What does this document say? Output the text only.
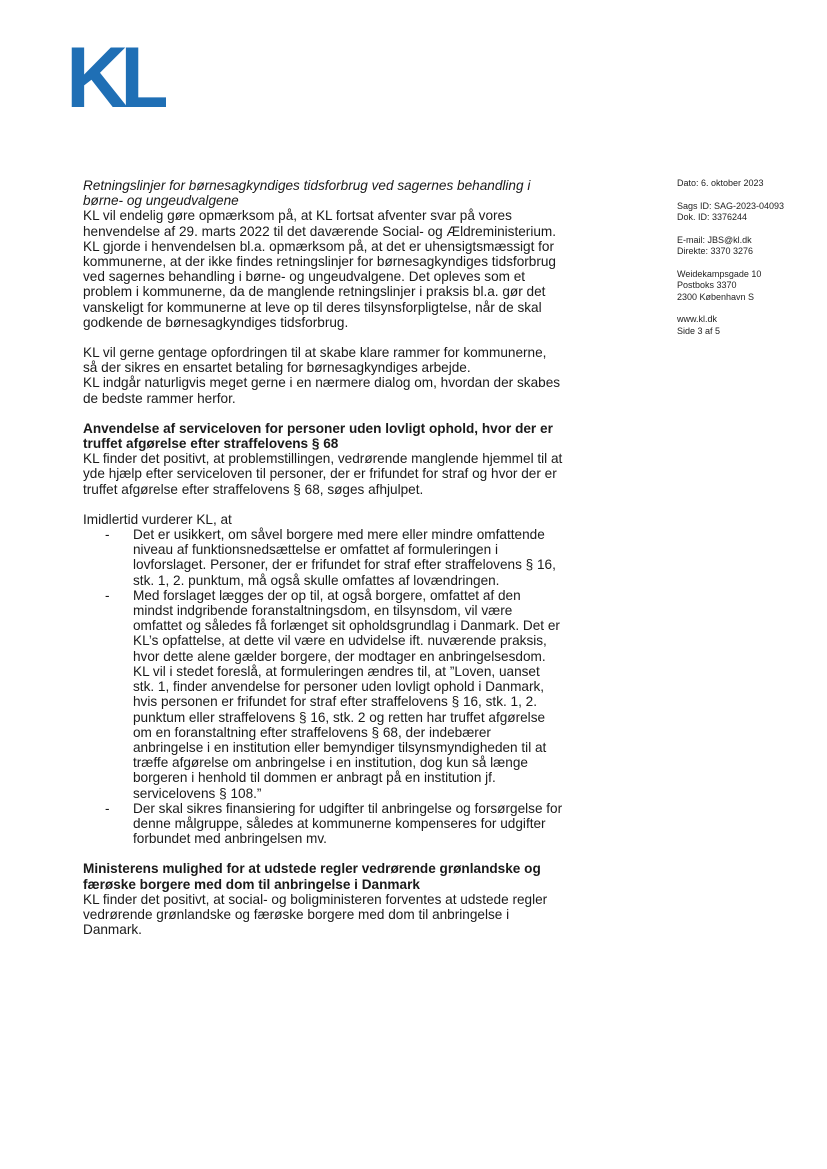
KL
Dato: 6. oktober 2023
Sags ID: SAG-2023-04093
Dok. ID: 3376244
E-mail: JBS@kl.dk
Direkte: 3370 3276
Weidekampsgade 10
Postboks 3370
2300 København S
www.kl.dk
Side 3 af 5

Retningslinjer for børnesagkyndiges tidsforbrug ved sagernes behandling i børne- og ungeudvalgene

KL vil endelig gøre opmærksom på, at KL fortsat afventer svar på vores henvendelse af 29. marts 2022 til det daværende Social- og Ældreministerium. KL gjorde i henvendelsen bl.a. opmærksom på, at det er uhensigtsmæssigt for kommunerne, at der ikke findes retningslinjer for børnesagkyndiges tidsforbrug ved sagernes behandling i børne- og ungeudvalgene. Det opleves som et problem i kommunerne, da de manglende retningslinjer i praksis bl.a. gør det vanskeligt for kommunerne at leve op til deres tilsynsforpligtelse, når de skal godkende de børnesagkyndiges tidsforbrug.

KL vil gerne gentage opfordringen til at skabe klare rammer for kommunerne, så der sikres en ensartet betaling for børnesagkyndiges arbejde.

KL indgår naturligvis meget gerne i en nærmere dialog om, hvordan der skabes de bedste rammer herfor.

Anvendelse af serviceloven for personer uden lovligt ophold, hvor der er truffet afgørelse efter straffelovens § 68

KL finder det positivt, at problemstillingen, vedrørende manglende hjemmel til at yde hjælp efter serviceloven til personer, der er frifundet for straf og hvor der er truffet afgørelse efter straffelovens § 68, søges afhjulpet.

Imidlertid vurderer KL, at

- Det er usikkert, om såvel borgere med mere eller mindre omfattende niveau af funktionsnedsættelse er omfattet af formuleringen i lovforslaget. Personer, der er frifundet for straf efter straffelovens § 16, stk. 1, 2. punktum, må også skulle omfattes af lovændringen.
- Med forslaget lægges der op til, at også borgere, omfattet af den mindst indgribende foranstaltningsdom, en tilsynsdom, vil være omfattet og således få forlænget sit opholdsgrundlag i Danmark. Det er KL’s opfattelse, at dette vil være en udvidelse ift. nuværende praksis, hvor dette alene gælder borgere, der modtager en anbringelsesdom. KL vil i stedet foreslå, at formuleringen ændres til, at ”Loven, uanset stk. 1, finder anvendelse for personer uden lovligt ophold i Danmark, hvis personen er frifundet for straf efter straffelovens § 16, stk. 1, 2. punktum eller straffelovens § 16, stk. 2 og retten har truffet afgørelse om en foranstaltning efter straffelovens § 68, der indebærer anbringelse i en institution eller bemyndiger tilsynsmyndigheden til at træffe afgørelse om anbringelse i en institution, dog kun så længe borgeren i henhold til dommen er anbragt på en institution jf. servicelovens § 108.”
- Der skal sikres finansiering for udgifter til anbringelse og forsørgelse for denne målgruppe, således at kommunerne kompenseres for udgifter forbundet med anbringelsen mv.
Ministerens mulighed for at udstede regler vedrørende grønlandske og færøske borgere med dom til anbringelse i Danmark

KL finder det positivt, at social- og boligministeren forventes at udstede regler vedrørende grønlandske og færøske borgere med dom til anbringelse i Danmark.
